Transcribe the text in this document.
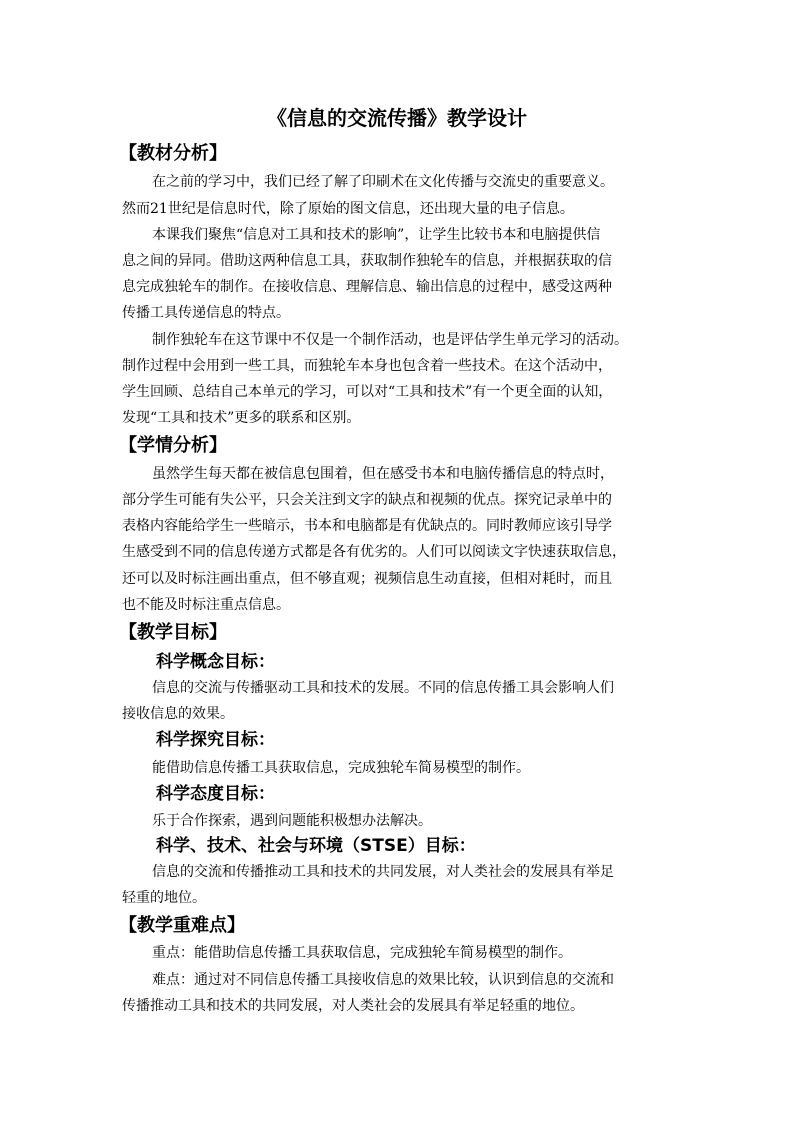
《信息的交流传播》教学设计
【教材分析】
在之前的学习中，我们已经了解了印刷术在文化传播与交流史的重要意义。
然而21世纪是信息时代，除了原始的图文信息，还出现大量的电子信息。
本课我们聚焦“信息对工具和技术的影响”，让学生比较书本和电脑提供信
息之间的异同。借助这两种信息工具，获取制作独轮车的信息，并根据获取的信
息完成独轮车的制作。在接收信息、理解信息、输出信息的过程中，感受这两种
传播工具传递信息的特点。
制作独轮车在这节课中不仅是一个制作活动，也是评估学生单元学习的活动。
制作过程中会用到一些工具，而独轮车本身也包含着一些技术。在这个活动中，
学生回顾、总结自己本单元的学习，可以对“工具和技术”有一个更全面的认知，
发现“工具和技术”更多的联系和区别。
【学情分析】
虽然学生每天都在被信息包围着，但在感受书本和电脑传播信息的特点时，
部分学生可能有失公平，只会关注到文字的缺点和视频的优点。探究记录单中的
表格内容能给学生一些暗示，书本和电脑都是有优缺点的。同时教师应该引导学
生感受到不同的信息传递方式都是各有优劣的。人们可以阅读文字快速获取信息，
还可以及时标注画出重点，但不够直观；视频信息生动直接，但相对耗时，而且
也不能及时标注重点信息。
【教学目标】
科学概念目标：
信息的交流与传播驱动工具和技术的发展。不同的信息传播工具会影响人们
接收信息的效果。
科学探究目标：
能借助信息传播工具获取信息，完成独轮车简易模型的制作。
科学态度目标：
乐于合作探索，遇到问题能积极想办法解决。
科学、技术、社会与环境（STSE）目标：
信息的交流和传播推动工具和技术的共同发展，对人类社会的发展具有举足
轻重的地位。
【教学重难点】
重点：能借助信息传播工具获取信息，完成独轮车简易模型的制作。
难点：通过对不同信息传播工具接收信息的效果比较，认识到信息的交流和
传播推动工具和技术的共同发展，对人类社会的发展具有举足轻重的地位。
